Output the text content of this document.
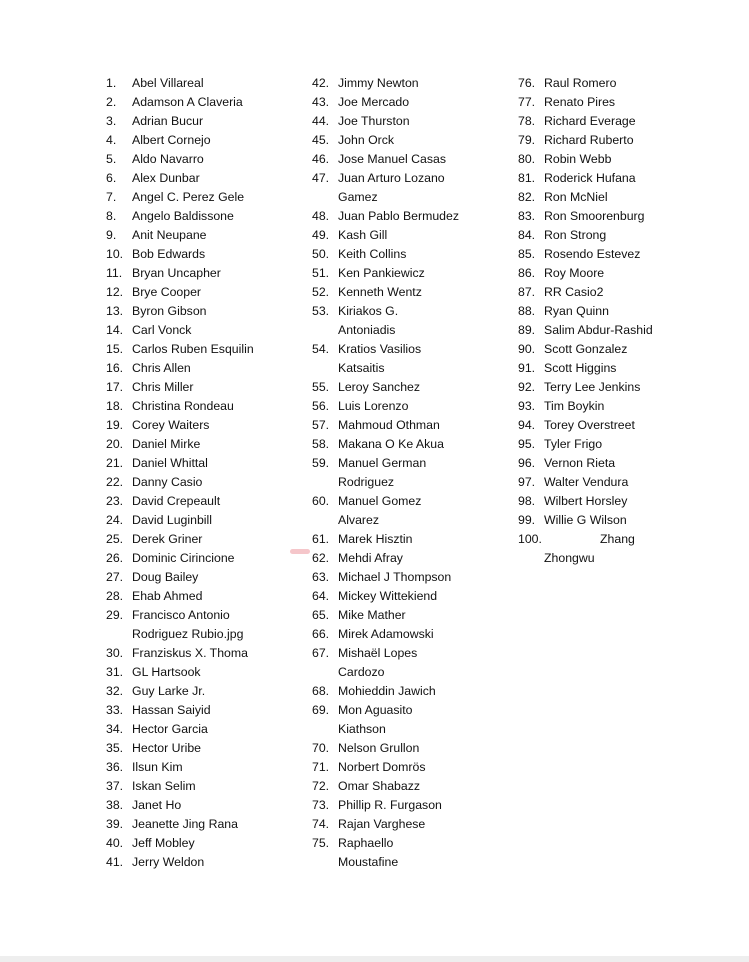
1.	Abel Villareal
2.	Adamson A Claveria
3.	Adrian Bucur
4.	Albert Cornejo
5.	Aldo Navarro
6.	Alex Dunbar
7.	Angel C. Perez Gele
8.	Angelo Baldissone
9.	Anit Neupane
10. Bob Edwards
11. Bryan Uncapher
12. Brye Cooper
13. Byron Gibson
14. Carl Vonck
15. Carlos Ruben Esquilin
16. Chris Allen
17. Chris Miller
18. Christina Rondeau
19. Corey Waiters
20. Daniel Mirke
21. Daniel Whittal
22. Danny Casio
23. David Crepeault
24. David Luginbill
25. Derek Griner
26. Dominic Cirincione
27. Doug Bailey
28. Ehab Ahmed
29. Francisco Antonio
Rodriguez Rubio.jpg
30. Franziskus X. Thoma
31. GL Hartsook
32. Guy Larke Jr.
33. Hassan Saiyid
34. Hector Garcia
35. Hector Uribe
36. Ilsun Kim
37. Iskan Selim
38. Janet Ho
39. Jeanette Jing Rana
40. Jeff Mobley
41. Jerry Weldon
42. Jimmy Newton
43. Joe Mercado
44. Joe Thurston
45. John Orck
46. Jose Manuel Casas
47. Juan Arturo Lozano
Gamez
48. Juan Pablo Bermudez
49. Kash Gill
50. Keith Collins
51. Ken Pankiewicz
52. Kenneth Wentz
53. Kiriakos G.
Antoniadis
54. Kratios Vasilios
Katsaitis
55. Leroy Sanchez
56. Luis Lorenzo
57. Mahmoud Othman
58. Makana O Ke Akua
59. Manuel German
Rodriguez
60. Manuel Gomez
Alvarez
61. Marek Hisztin
62. Mehdi Afray
63. Michael J Thompson
64. Mickey Wittekiend
65. Mike Mather
66. Mirek Adamowski
67. Mishaël Lopes
Cardozo
68. Mohieddin Jawich
69. Mon Aguasito
Kiathson
70. Nelson Grullon
71. Norbert Domrös
72. Omar Shabazz
73. Phillip R. Furgason
74. Rajan Varghese
75. Raphaello
Moustafine
76. Raul Romero
77. Renato Pires
78. Richard Everage
79. Richard Ruberto
80. Robin Webb
81. Roderick Hufana
82. Ron McNiel
83. Ron Smoorenburg
84. Ron Strong
85. Rosendo Estevez
86. Roy Moore
87. RR Casio2
88. Ryan Quinn
89. Salim Abdur-Rashid
90. Scott Gonzalez
91. Scott Higgins
92. Terry Lee Jenkins
93. Tim Boykin
94. Torey Overstreet
95. Tyler Frigo
96. Vernon Rieta
97. Walter Vendura
98. Wilbert Horsley
99. Willie G Wilson
100.	Zhang
Zhongwu
